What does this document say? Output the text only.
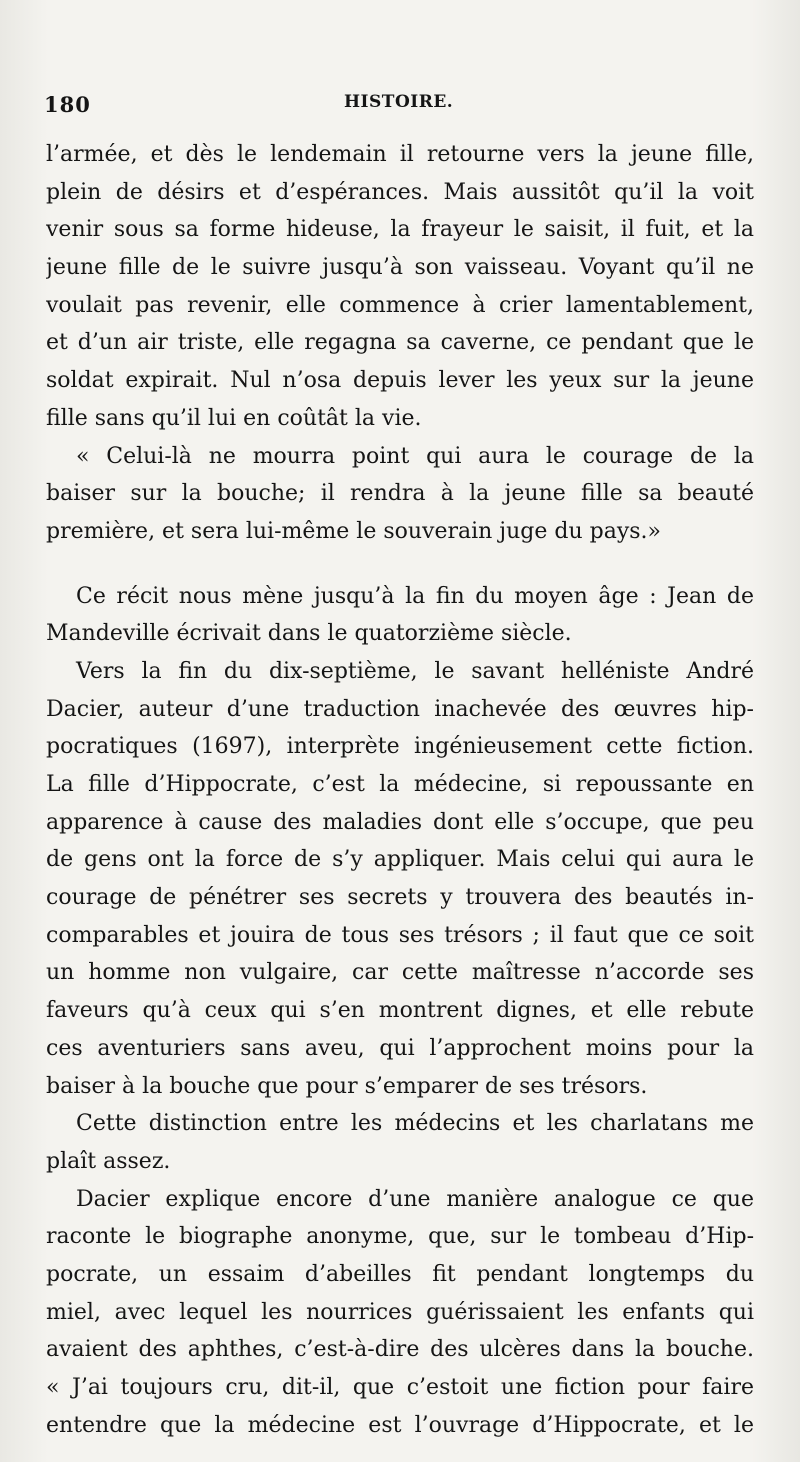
180	HISTOIRE.
l’armée, et dès le lendemain il retourne vers la jeune fille,
plein de désirs et d’espérances. Mais aussitôt qu’il la voit
venir sous sa forme hideuse, la frayeur le saisit, il fuit, et la
jeune fille de le suivre jusqu’à son vaisseau. Voyant qu’il ne
voulait pas revenir, elle commence à crier lamentablement,
et d’un air triste, elle regagna sa caverne, ce pendant que le
soldat expirait. Nul n’osa depuis lever les yeux sur la jeune
fille sans qu’il lui en coûtât la vie.
« Celui-là ne mourra point qui aura le courage de la
baiser sur la bouche; il rendra à la jeune fille sa beauté
première, et sera lui-même le souverain juge du pays.»
Ce récit nous mène jusqu’à la fin du moyen âge : Jean de
Mandeville écrivait dans le quatorzième siècle.
Vers la fin du dix-septième, le savant helléniste André
Dacier, auteur d’une traduction inachevée des œuvres hip-
pocratiques (1697), interprète ingénieusement cette fiction.
La fille d’Hippocrate, c’est la médecine, si repoussante en
apparence à cause des maladies dont elle s’occupe, que peu
de gens ont la force de s’y appliquer. Mais celui qui aura le
courage de pénétrer ses secrets y trouvera des beautés in-
comparables et jouira de tous ses trésors ; il faut que ce soit
un homme non vulgaire, car cette maîtresse n’accorde ses
faveurs qu’à ceux qui s’en montrent dignes, et elle rebute
ces aventuriers sans aveu, qui l’approchent moins pour la
baiser à la bouche que pour s’emparer de ses trésors.
Cette distinction entre les médecins et les charlatans me
plaît assez.
Dacier explique encore d’une manière analogue ce que
raconte le biographe anonyme, que, sur le tombeau d’Hip-
pocrate, un essaim d’abeilles fit pendant longtemps du
miel, avec lequel les nourrices guérissaient les enfants qui
avaient des aphthes, c’est-à-dire des ulcères dans la bouche.
« J’ai toujours cru, dit-il, que c’estoit une fiction pour faire
entendre que la médecine est l’ouvrage d’Hippocrate, et le
